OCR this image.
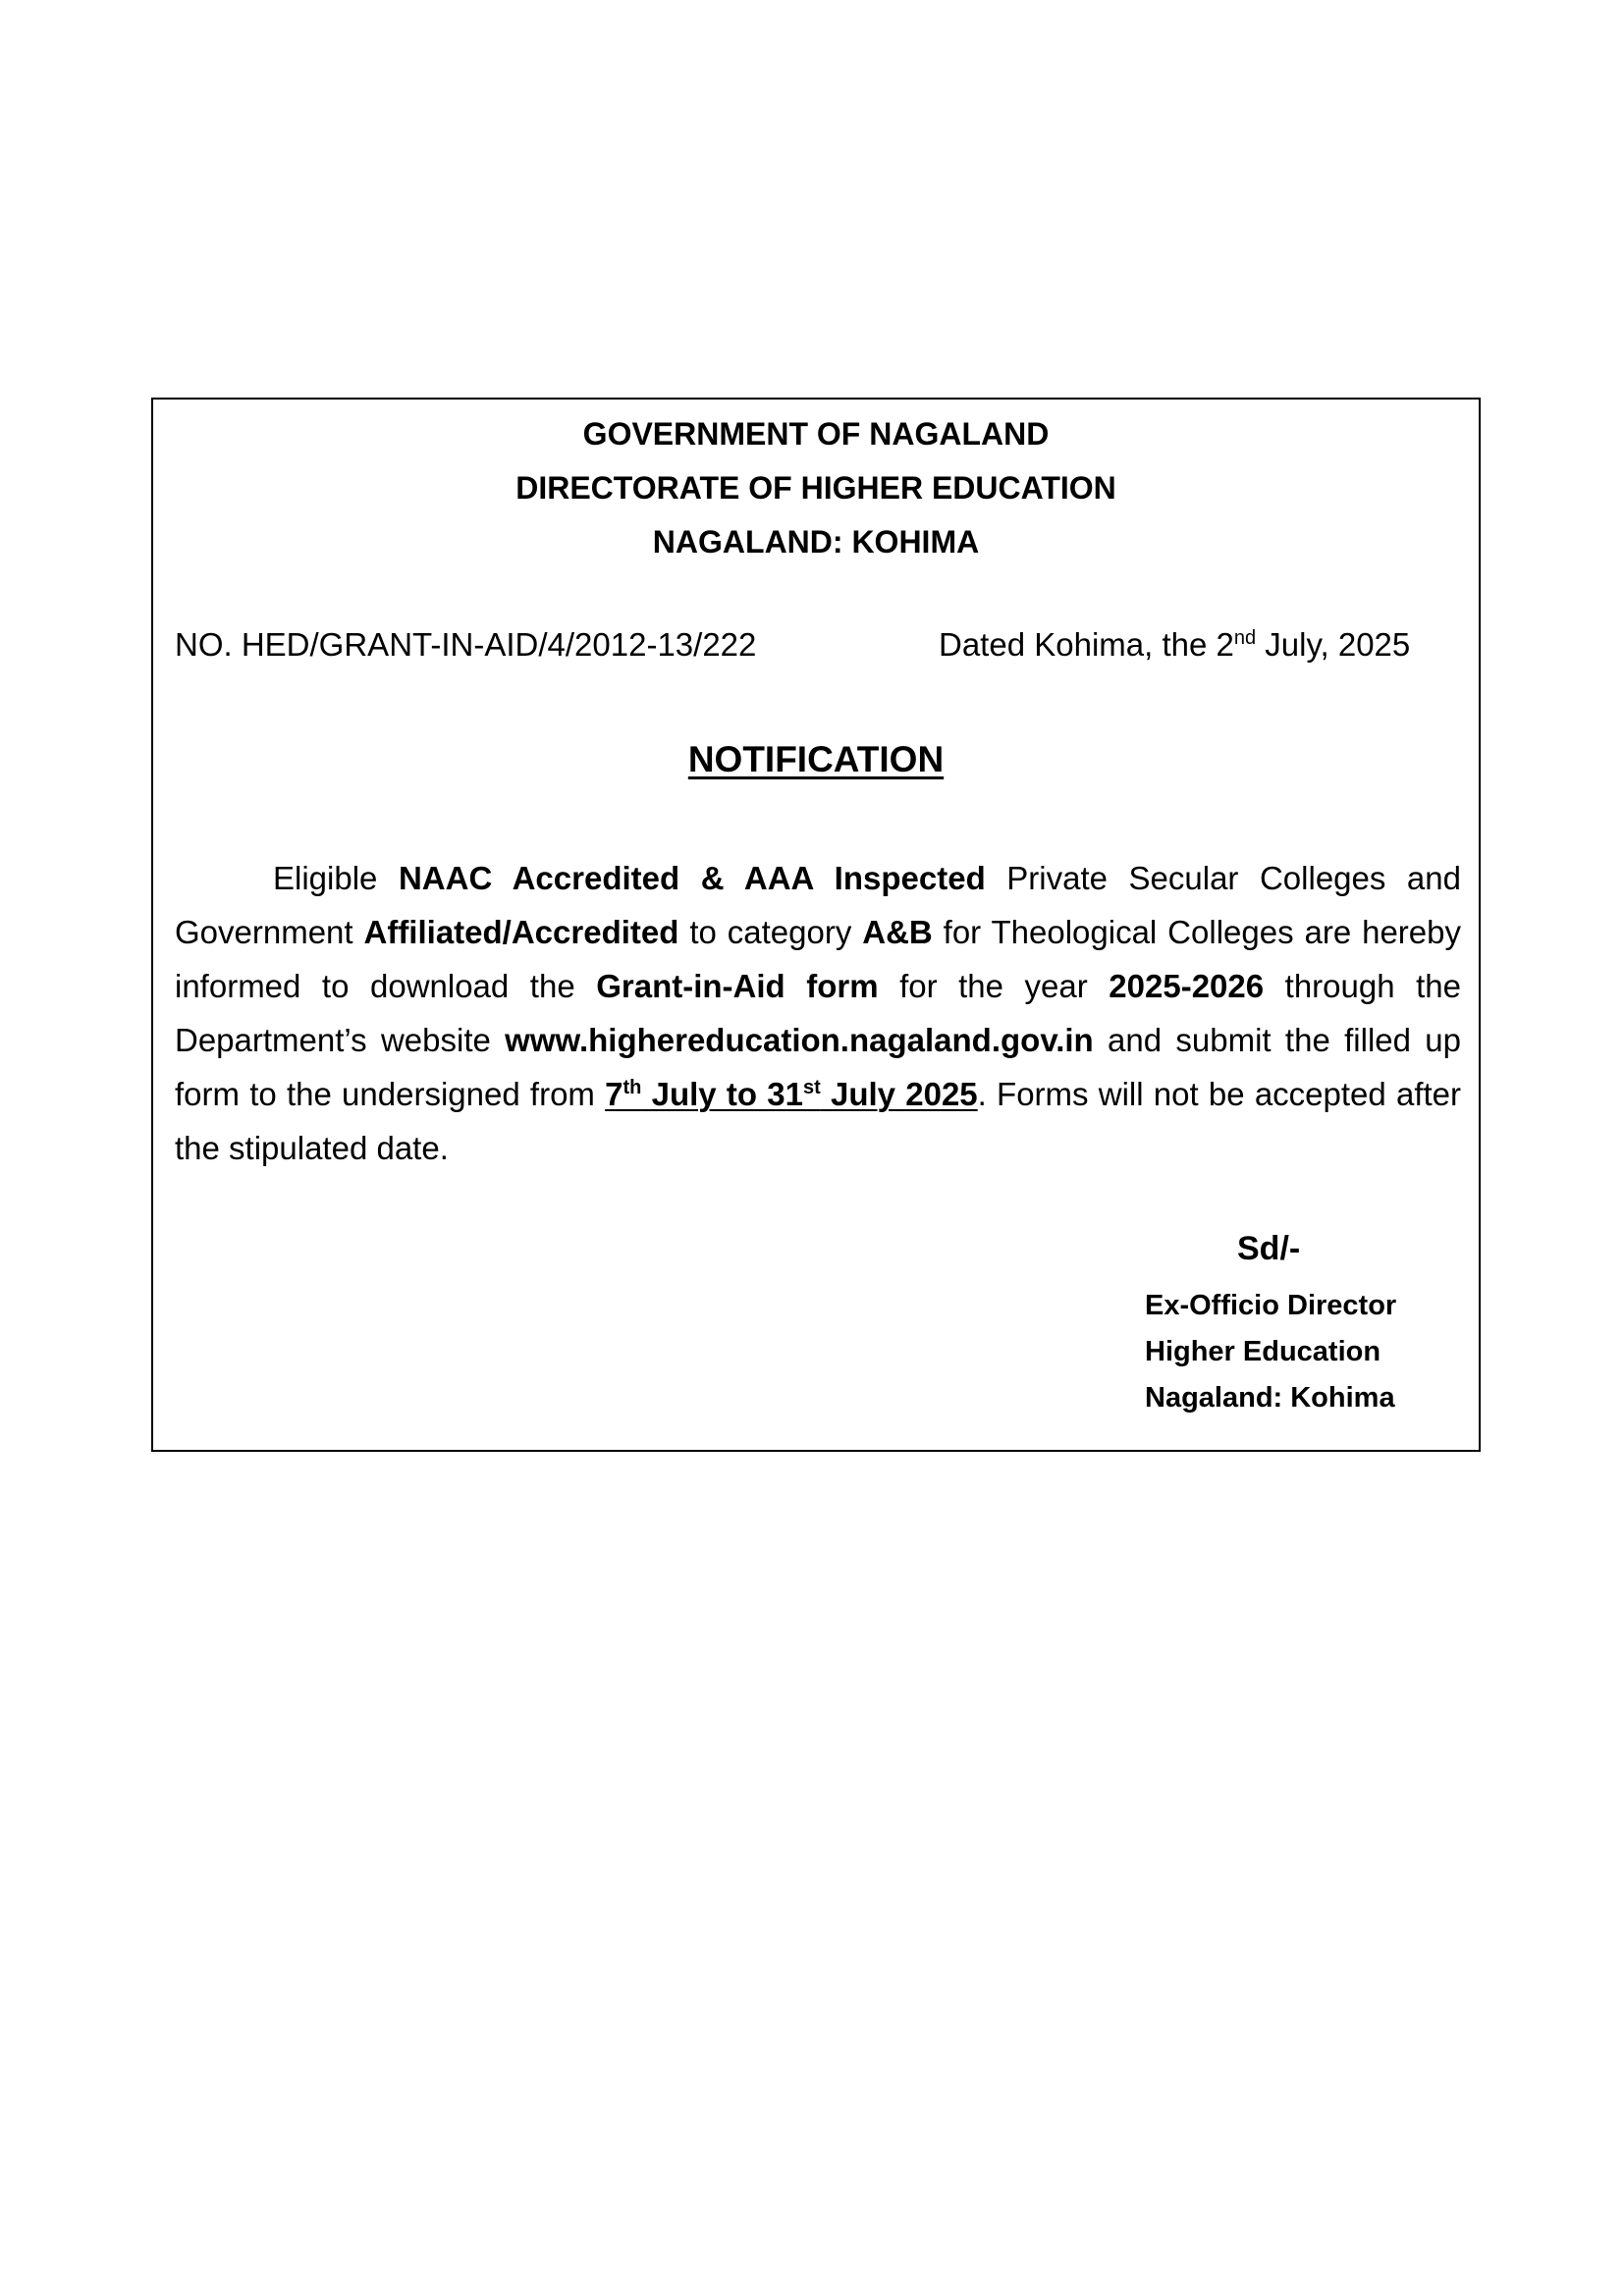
GOVERNMENT OF NAGALAND
DIRECTORATE OF HIGHER EDUCATION
NAGALAND: KOHIMA
NO. HED/GRANT-IN-AID/4/2012-13/222	Dated Kohima, the 2nd July, 2025
NOTIFICATION
Eligible NAAC Accredited & AAA Inspected Private Secular Colleges and Government Affiliated/Accredited to category A&B for Theological Colleges are hereby informed to download the Grant-in-Aid form for the year 2025-2026 through the Department’s website www.highereducation.nagaland.gov.in and submit the filled up form to the undersigned from 7th July to 31st July 2025. Forms will not be accepted after the stipulated date.
Sd/-
Ex-Officio Director
Higher Education
Nagaland: Kohima
